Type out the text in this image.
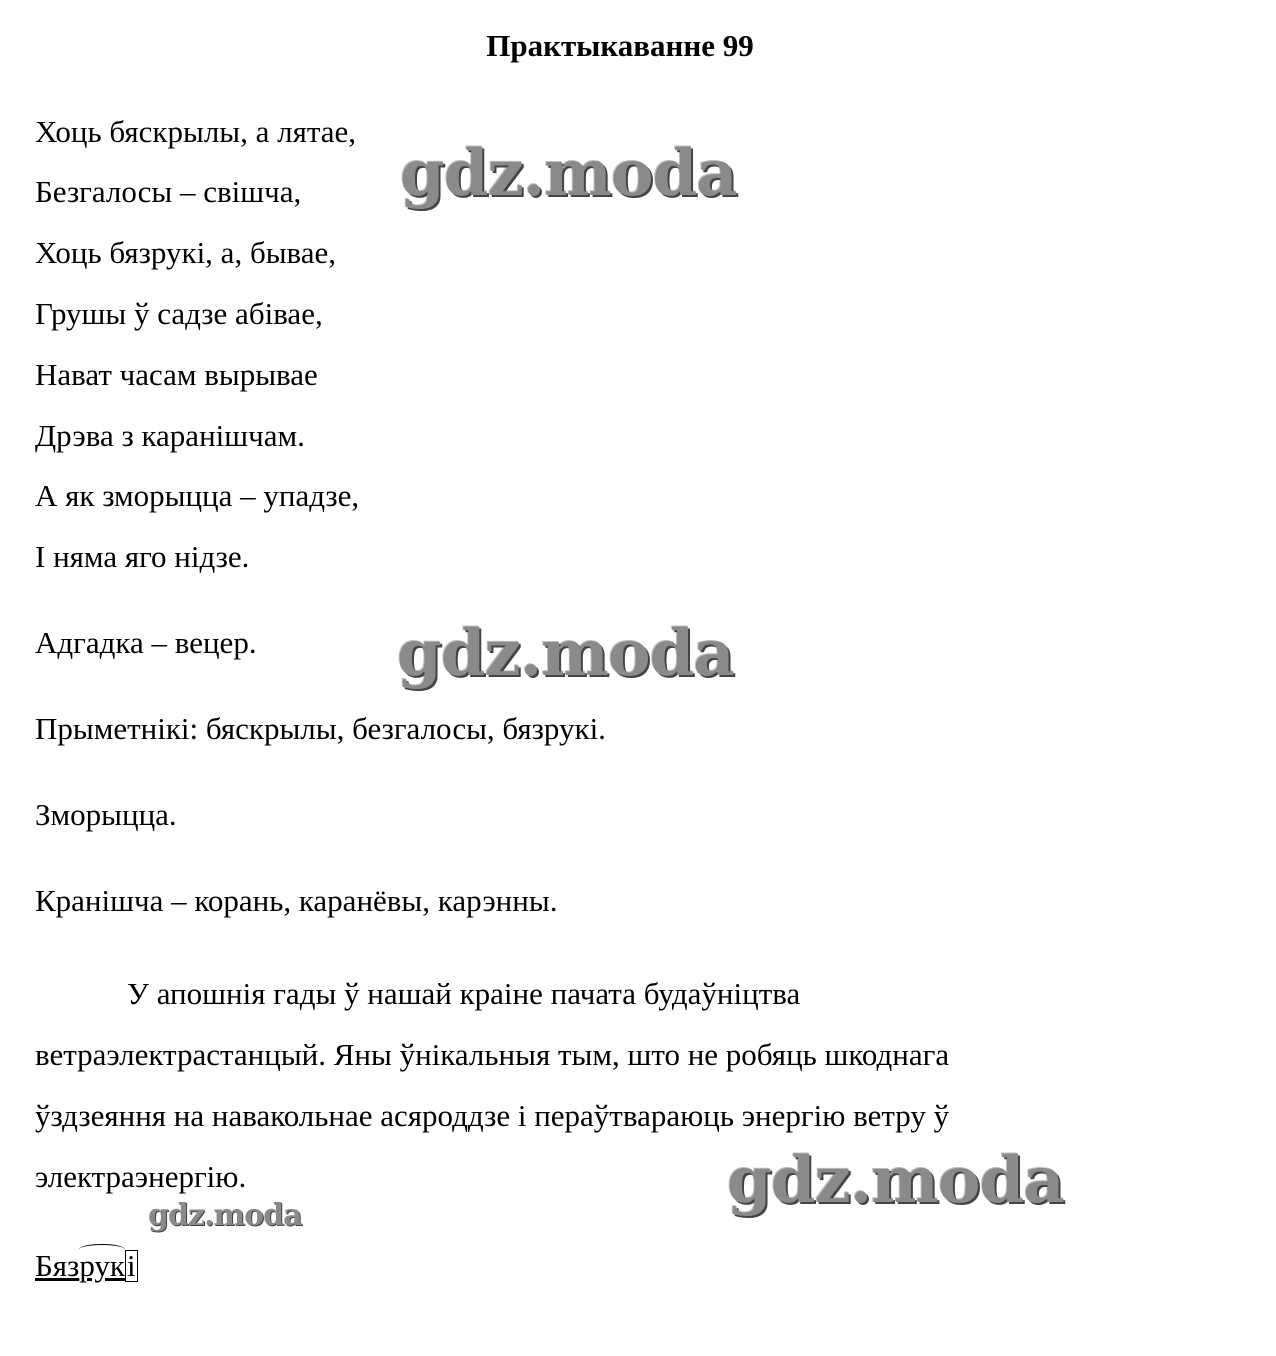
Практыкаванне 99
Хоць бяскрылы, а лятае,
Безгалосы – свішча,
Хоць бязрукі, а, бывае,
Грушы ў садзе абівае,
Нават часам вырывае
Дрэва з каранішчам.
А як зморыцца – упадзе,
І няма яго нідзе.
Адгадка – вецер.
Прыметнікі: бяскрылы, безгалосы, бязрукі.
Зморыцца.
Кранішча – корань, каранёвы, карэнны.
У апошнія гады ў нашай краіне пачата будаўніцтва
ветраэлектрастанцый. Яны ўнікальныя тым, што не робяць шкоднага
ўздзеяння на навакольнае асяроддзе і пераўтвараюць энергію ветру ў
электраэнергію.
Бяз
рукі
gdz.moda
gdz.moda
gdz.moda
gdz.moda
